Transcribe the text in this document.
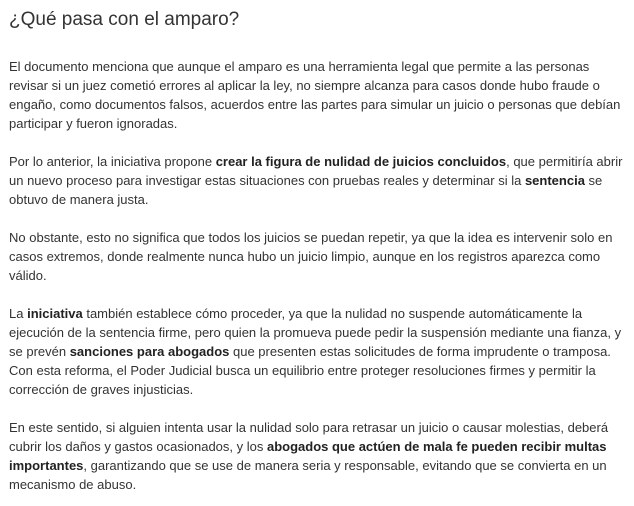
¿Qué pasa con el amparo?

El documento menciona que aunque el amparo es una herramienta legal que permite a las personas revisar si un juez cometió errores al aplicar la ley, no siempre alcanza para casos donde hubo fraude o engaño, como documentos falsos, acuerdos entre las partes para simular un juicio o personas que debían participar y fueron ignoradas.

Por lo anterior, la iniciativa propone crear la figura de nulidad de juicios concluidos, que permitiría abrir un nuevo proceso para investigar estas situaciones con pruebas reales y determinar si la sentencia se obtuvo de manera justa.

No obstante, esto no significa que todos los juicios se puedan repetir, ya que la idea es intervenir solo en casos extremos, donde realmente nunca hubo un juicio limpio, aunque en los registros aparezca como válido.

La iniciativa también establece cómo proceder, ya que la nulidad no suspende automáticamente la ejecución de la sentencia firme, pero quien la promueva puede pedir la suspensión mediante una fianza, y se prevén sanciones para abogados que presenten estas solicitudes de forma imprudente o tramposa. Con esta reforma, el Poder Judicial busca un equilibrio entre proteger resoluciones firmes y permitir la corrección de graves injusticias.

En este sentido, si alguien intenta usar la nulidad solo para retrasar un juicio o causar molestias, deberá cubrir los daños y gastos ocasionados, y los abogados que actúen de mala fe pueden recibir multas importantes, garantizando que se use de manera seria y responsable, evitando que se convierta en un mecanismo de abuso.
